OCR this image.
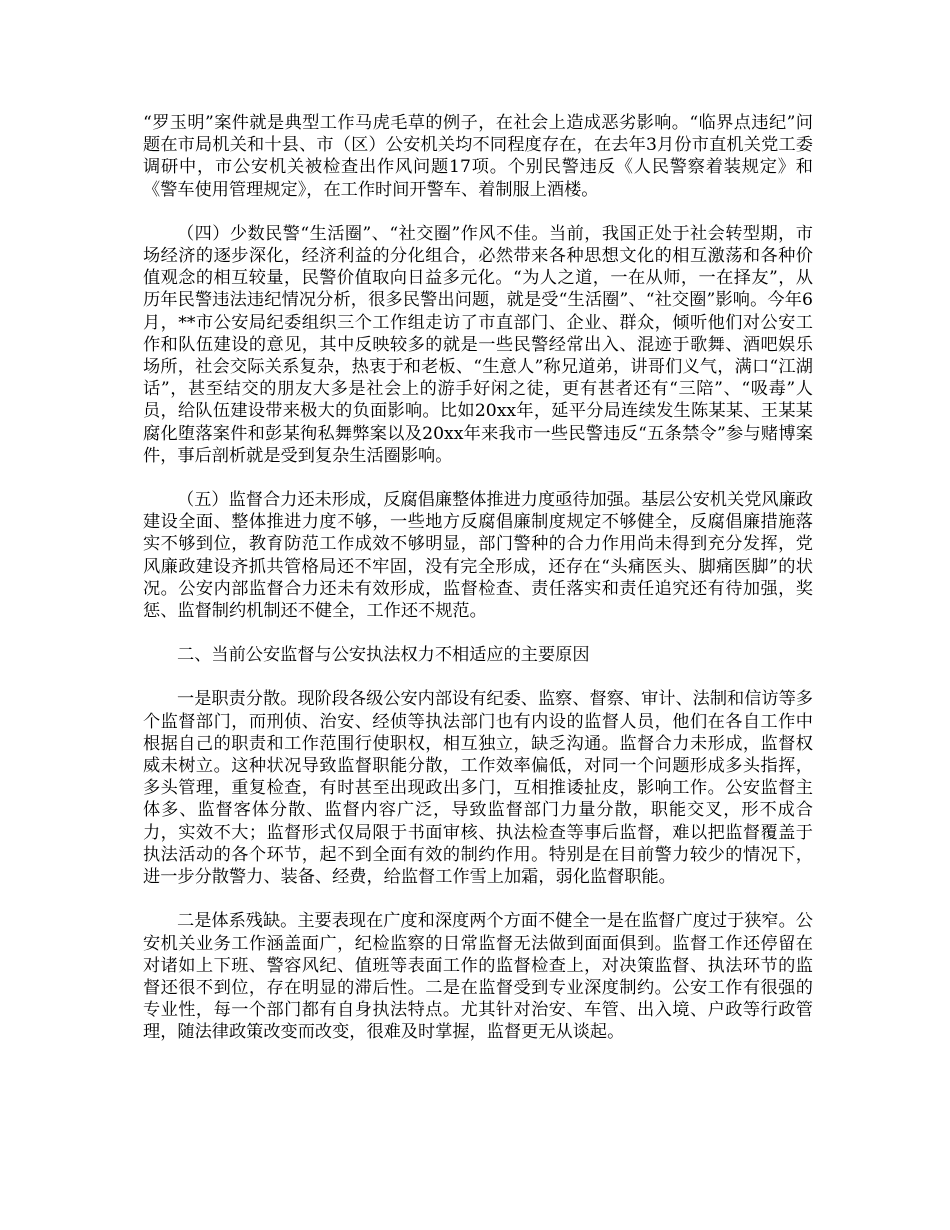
“罗玉明”案件就是典型工作马虎毛草的例子，在社会上造成恶劣影响。“临界点违纪”问题在市局机关和十县、市（区）公安机关均不同程度存在，在去年3月份市直机关党工委调研中，市公安机关被检查出作风问题17项。个别民警违反《人民警察着装规定》和《警车使用管理规定》，在工作时间开警车、着制服上酒楼。

（四）少数民警“生活圈”、“社交圈”作风不佳。当前，我国正处于社会转型期，市场经济的逐步深化，经济利益的分化组合，必然带来各种思想文化的相互激荡和各种价值观念的相互较量，民警价值取向日益多元化。“为人之道，一在从师，一在择友”，从历年民警违法违纪情况分析，很多民警出问题，就是受“生活圈”、“社交圈”影响。今年6月，**市公安局纪委组织三个工作组走访了市直部门、企业、群众，倾听他们对公安工作和队伍建设的意见，其中反映较多的就是一些民警经常出入、混迹于歌舞、酒吧娱乐场所，社会交际关系复杂，热衷于和老板、“生意人”称兄道弟，讲哥们义气，满口“江湖话”，甚至结交的朋友大多是社会上的游手好闲之徒，更有甚者还有“三陪”、“吸毒”人员，给队伍建设带来极大的负面影响。比如20xx年，延平分局连续发生陈某某、王某某腐化堕落案件和彭某徇私舞弊案以及20xx年来我市一些民警违反“五条禁令”参与赌博案件，事后剖析就是受到复杂生活圈影响。

（五）监督合力还未形成，反腐倡廉整体推进力度亟待加强。基层公安机关党风廉政建设全面、整体推进力度不够，一些地方反腐倡廉制度规定不够健全，反腐倡廉措施落实不够到位，教育防范工作成效不够明显，部门警种的合力作用尚未得到充分发挥，党风廉政建设齐抓共管格局还不牢固，没有完全形成，还存在“头痛医头、脚痛医脚”的状况。公安内部监督合力还未有效形成，监督检查、责任落实和责任追究还有待加强，奖惩、监督制约机制还不健全，工作还不规范。

二、当前公安监督与公安执法权力不相适应的主要原因

一是职责分散。现阶段各级公安内部设有纪委、监察、督察、审计、法制和信访等多个监督部门，而刑侦、治安、经侦等执法部门也有内设的监督人员，他们在各自工作中根据自己的职责和工作范围行使职权，相互独立，缺乏沟通。监督合力未形成，监督权威未树立。这种状况导致监督职能分散，工作效率偏低，对同一个问题形成多头指挥，多头管理，重复检查，有时甚至出现政出多门，互相推诿扯皮，影响工作。公安监督主体多、监督客体分散、监督内容广泛，导致监督部门力量分散，职能交叉，形不成合力，实效不大；监督形式仅局限于书面审核、执法检查等事后监督，难以把监督覆盖于执法活动的各个环节，起不到全面有效的制约作用。特别是在目前警力较少的情况下，进一步分散警力、装备、经费，给监督工作雪上加霜，弱化监督职能。

二是体系残缺。主要表现在广度和深度两个方面不健全一是在监督广度过于狭窄。公安机关业务工作涵盖面广，纪检监察的日常监督无法做到面面俱到。监督工作还停留在对诸如上下班、警容风纪、值班等表面工作的监督检查上，对决策监督、执法环节的监督还很不到位，存在明显的滞后性。二是在监督受到专业深度制约。公安工作有很强的专业性，每一个部门都有自身执法特点。尤其针对治安、车管、出入境、户政等行政管理，随法律政策改变而改变，很难及时掌握，监督更无从谈起。
